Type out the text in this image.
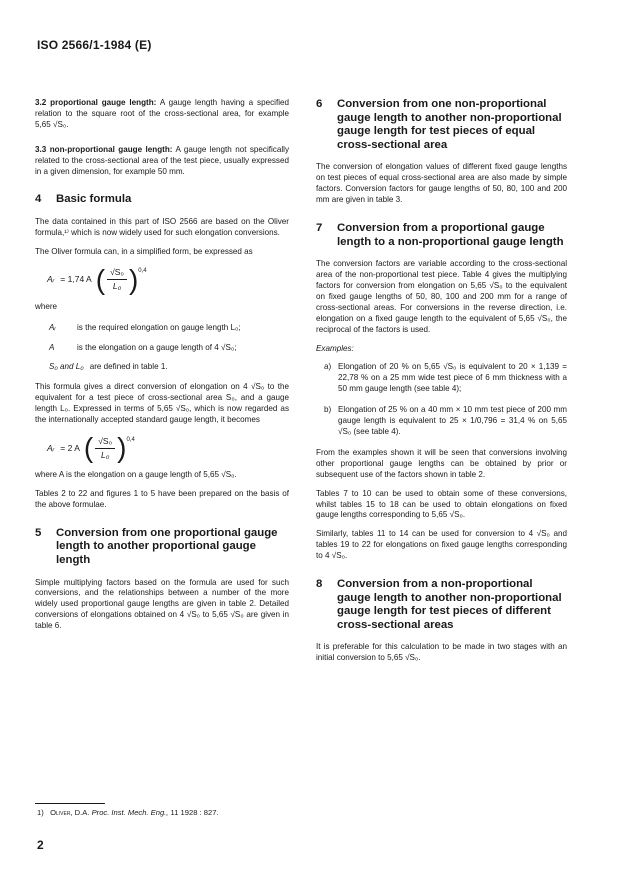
ISO 2566/1-1984 (E)

3.2 proportional gauge length: A gauge length having a specified relation to the square root of the cross-sectional area, for example 5,65 √S₀.

3.3 non-proportional gauge length: A gauge length not specifically related to the cross-sectional area of the test piece, usually expressed in a given dimension, for example 50 mm.

4	Basic formula

The data contained in this part of ISO 2566 are based on the Oliver formula,¹⁾ which is now widely used for such elongation conversions.

The Oliver formula can, in a simplified form, be expressed as

Aᵣ = 1,74 A ( $\frac{\text{√S₀}}{\text{L₀}}$ ) 0,4

where

Aᵣ	is the required elongation on gauge length L₀;
A	is the elongation on a gauge length of 4 √S₀;
S₀ and L₀ are defined in table 1.

This formula gives a direct conversion of elongation on 4 √S₀ to the equivalent for a test piece of cross-sectional area S₀, and a gauge length L₀. Expressed in terms of 5,65 √S₀, which is now regarded as the internationally accepted standard gauge length, it becomes

Aᵣ = 2 A ( $\frac{\text{√S₀}}{\text{L₀}}$ ) 0,4

where A is the elongation on a gauge length of 5,65 √S₀.

Tables 2 to 22 and figures 1 to 5 have been prepared on the basis of the above formulae.

5	Conversion from one proportional gauge length to another proportional gauge length

Simple multiplying factors based on the formula are used for such conversions, and the relationships between a number of the more widely used proportional gauge lengths are given in table 2. Detailed conversions of elongations obtained on 4 √S₀ to 5,65 √S₀ are given in table 6.

6	Conversion from one non-proportional gauge length to another non-proportional gauge length for test pieces of equal cross-sectional area

The conversion of elongation values of different fixed gauge lengths on test pieces of equal cross-sectional area are also made by simple factors. Conversion factors for gauge lengths of 50, 80, 100 and 200 mm are given in table 3.

7	Conversion from a proportional gauge length to a non-proportional gauge length

The conversion factors are variable according to the cross-sectional area of the non-proportional test piece. Table 4 gives the multiplying factors for conversion from elongation on 5,65 √S₀ to the equivalent on fixed gauge lengths of 50, 80, 100 and 200 mm for a range of cross-sectional areas. For conversions in the reverse direction, i.e. elongation on a fixed gauge length to the equivalent of 5,65 √S₀, the reciprocal of the factors is used.

Examples:

a) Elongation of 20 % on 5,65 √S₀ is equivalent to 20 × 1,139 = 22,78 % on a 25 mm wide test piece of 6 mm thickness with a 50 mm gauge length (see table 4);
b) Elongation of 25 % on a 40 mm × 10 mm test piece of 200 mm gauge length is equivalent to 25 × 1/0,796 = 31,4 % on 5,65 √S₀ (see table 4).

From the examples shown it will be seen that conversions involving other proportional gauge lengths can be obtained by prior or subsequent use of the factors shown in table 2.

Tables 7 to 10 can be used to obtain some of these conversions, whilst tables 15 to 18 can be used to obtain elongations on fixed gauge lengths corresponding to 5,65 √S₀.

Similarly, tables 11 to 14 can be used for conversion to 4 √S₀ and tables 19 to 22 for elongations on fixed gauge lengths corresponding to 4 √S₀.

8	Conversion from a non-proportional gauge length to another non-proportional gauge length for test pieces of different cross-sectional areas

It is preferable for this calculation to be made in two stages with an initial conversion to 5,65 √S₀.

1) Oliver, D.A. Proc. Inst. Mech. Eng., 11 1928 : 827.
2
